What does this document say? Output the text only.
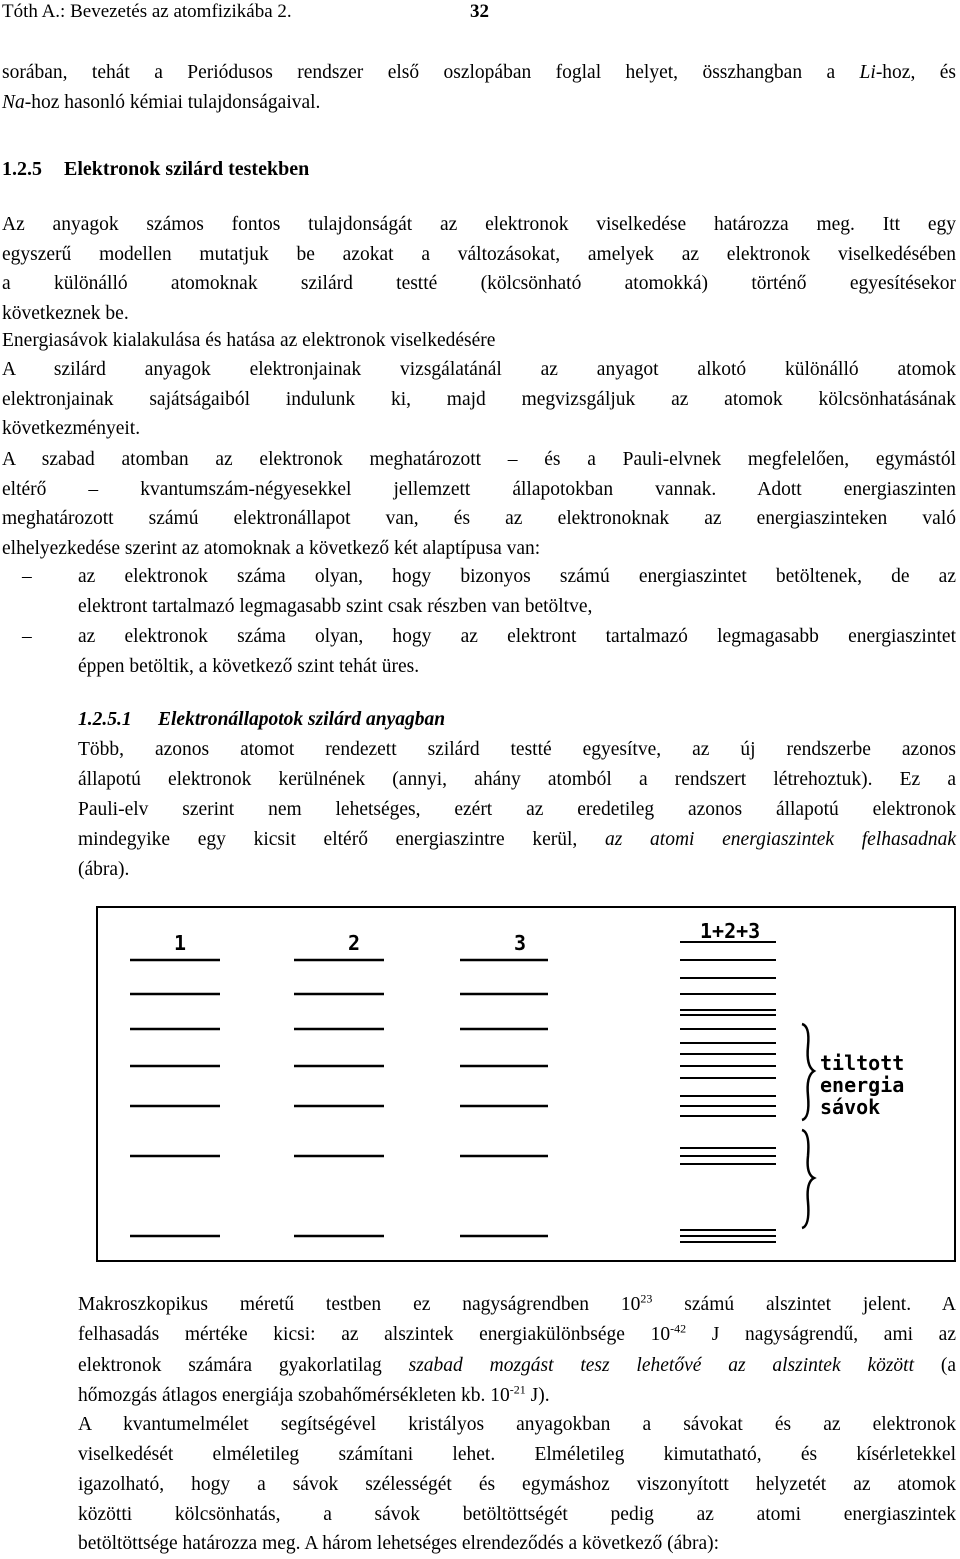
Tóth A.: Bevezetés az atomfizikába 2.	32
sorában, tehát a Periódusos rendszer első oszlopában foglal helyet, összhangban a Li-hoz, és
Na-hoz hasonló kémiai tulajdonságaival.
1.2.5 Elektronok szilárd testekben
Az anyagok számos fontos tulajdonságát az elektronok viselkedése határozza meg. Itt egy
egyszerű modellen mutatjuk be azokat a változásokat, amelyek az elektronok viselkedésében
a különálló atomoknak szilárd testté (kölcsönható atomokká) történő egyesítésekor
következnek be.
Energiasávok kialakulása és hatása az elektronok viselkedésére
A szilárd anyagok elektronjainak vizsgálatánál az anyagot alkotó különálló atomok
elektronjainak sajátságaiból indulunk ki, majd megvizsgáljuk az atomok kölcsönhatásának
következményeit.
A szabad atomban az elektronok meghatározott – és a Pauli-elvnek megfelelően, egymástól
eltérő – kvantumszám-négyesekkel jellemzett állapotokban vannak. Adott energiaszinten
meghatározott számú elektronállapot van, és az elektronoknak az energiaszinteken való
elhelyezkedése szerint az atomoknak a következő két alaptípusa van:
– az elektronok száma olyan, hogy bizonyos számú energiaszintet betöltenek, de az
elektront tartalmazó legmagasabb szint csak részben van betöltve,
– az elektronok száma olyan, hogy az elektront tartalmazó legmagasabb energiaszintet
éppen betöltik, a következő szint tehát üres.
1.2.5.1 Elektronállapotok szilárd anyagban
Több, azonos atomot rendezett szilárd testté egyesítve, az új rendszerbe azonos
állapotú elektronok kerülnének (annyi, ahány atomból a rendszert létrehoztuk). Ez a
Pauli-elv szerint nem lehetséges, ezért az eredetileg azonos állapotú elektronok
mindegyike egy kicsit eltérő energiaszintre kerül, az atomi energiaszintek felhasadnak
(ábra).
1	2	3	1+2+3
tiltott
energia
sávok
Makroszkopikus méretű testben ez nagyságrendben $10^{23}$ számú alszintet jelent. A
felhasadás mértéke kicsi: az alszintek energiakülönbsége $10^{-42}$ J nagyságrendű, ami az
elektronok számára gyakorlatilag szabad mozgást tesz lehetővé az alszintek között (a
hőmozgás átlagos energiája szobahőmérsékleten kb. $10^{-21}$ J).
A kvantumelmélet segítségével kristályos anyagokban a sávokat és az elektronok
viselkedését elméletileg számítani lehet. Elméletileg kimutatható, és kísérletekkel
igazolható, hogy a sávok szélességét és egymáshoz viszonyított helyzetét az atomok
közötti kölcsönhatás, a sávok betöltöttségét pedig az atomi energiaszintek
betöltöttsége határozza meg. A három lehetséges elrendeződés a következő (ábra):
